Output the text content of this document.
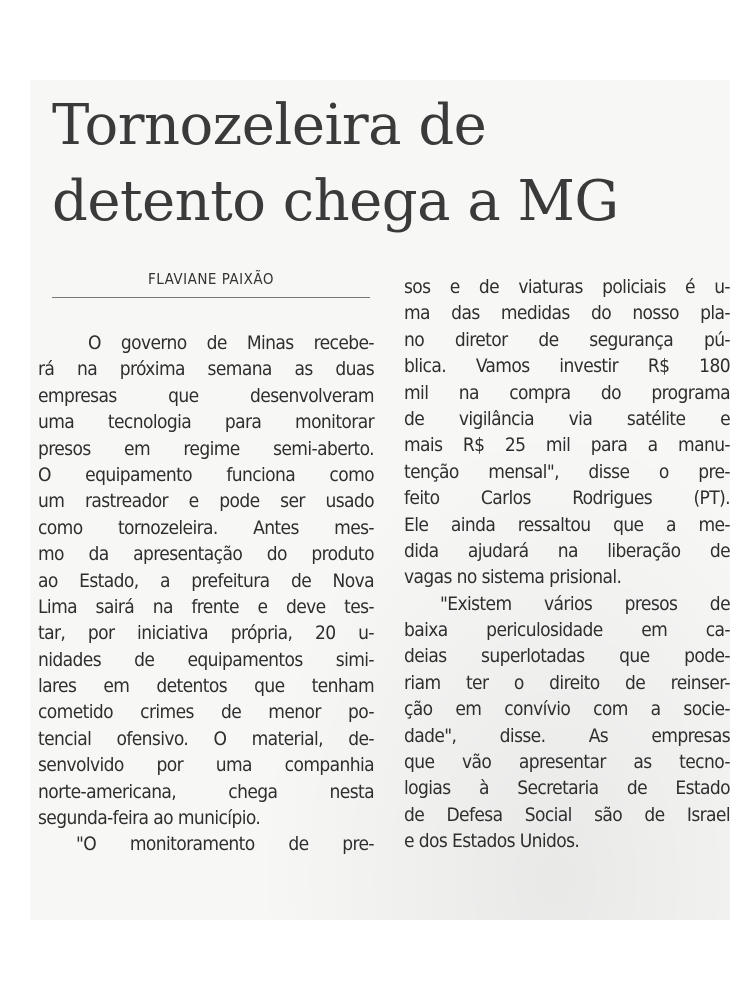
Tornozeleira de
detento chega a MG
FLAVIANE PAIXÃO
O governo de Minas recebe-
rá na próxima semana as duas
empresas que desenvolveram
uma tecnologia para monitorar
presos em regime semi-aberto.
O equipamento funciona como
um rastreador e pode ser usado
como tornozeleira. Antes mes-
mo da apresentação do produto
ao Estado, a prefeitura de Nova
Lima sairá na frente e deve tes-
tar, por iniciativa própria, 20 u-
nidades de equipamentos simi-
lares em detentos que tenham
cometido crimes de menor po-
tencial ofensivo. O material, de-
senvolvido por uma companhia
norte-americana, chega nesta
segunda-feira ao município.
"O monitoramento de pre-
sos e de viaturas policiais é u-
ma das medidas do nosso pla-
no diretor de segurança pú-
blica. Vamos investir R$ 180
mil na compra do programa
de vigilância via satélite e
mais R$ 25 mil para a manu-
tenção mensal", disse o pre-
feito Carlos Rodrigues (PT).
Ele ainda ressaltou que a me-
dida ajudará na liberação de
vagas no sistema prisional.
"Existem vários presos de
baixa periculosidade em ca-
deias superlotadas que pode-
riam ter o direito de reinser-
ção em convívio com a socie-
dade", disse. As empresas
que vão apresentar as tecno-
logias à Secretaria de Estado
de Defesa Social são de Israel
e dos Estados Unidos.
